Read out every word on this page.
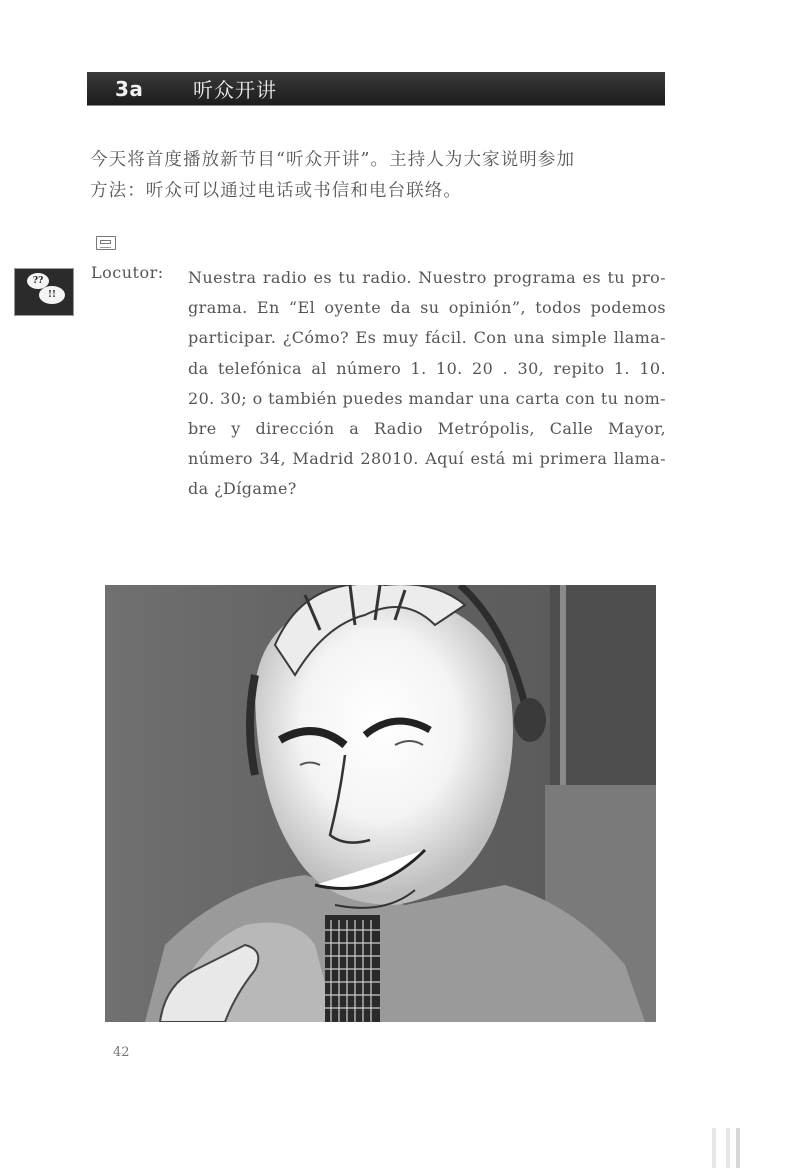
3a	听众开讲

今天将首度播放新节目“听众开讲”。主持人为大家说明参加

方法：听众可以通过电话或书信和电台联络。

??
!!
Locutor: Nuestra radio es tu radio. Nuestro programa es tu pro-
grama. En “El oyente da su opinión”, todos podemos
participar. ¿Cómo? Es muy fácil. Con una simple llama-
da telefónica al número 1. 10. 20 . 30, repito 1. 10.
20. 30; o también puedes mandar una carta con tu nom-
bre y dirección a Radio Metrópolis, Calle Mayor,
número 34, Madrid 28010. Aquí está mi primera llama-
da ¿Dígame?
42
